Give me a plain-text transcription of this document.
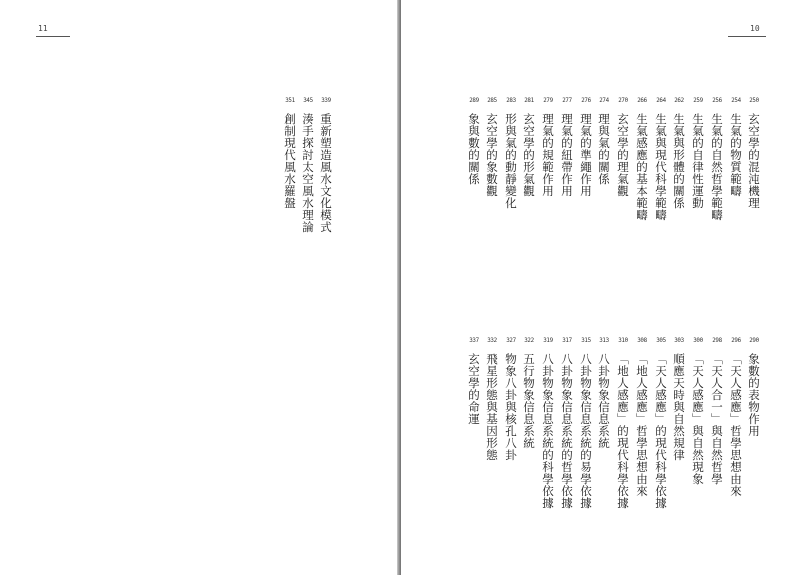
11	10
351
創制現代風水羅盤
345
湊手探討太空風水理論
339
重新塑造風水文化模式
289
象與數的關係
285
玄空學的象數觀
283
形與氣的動靜變化
281
玄空學的形氣觀
279
理氣的規範作用
277
理氣的紐帶作用
276
理氣的準繩作用
274
理與氣的關係
270
玄空學的理氣觀
266
生氣感應的基本範疇
264
生氣與現代科學範疇
262
生氣與形體的關係
259
生氣的自律性運動
256
生氣的自然哲學範疇
254
生氣的物質範疇
250
玄空學的混沌機理
337
玄空學的命運
332
飛星形態與基因形態
327
物象八卦與核孔八卦
322
五行物象信息系統
319
八卦物象信息系統的科學依據
317
八卦物象信息系統的哲學依據
315
八卦物象信息系統的易學依據
313
八卦物象信息系統
310
「地人感應」的現代科學依據
308
「地人感應」哲學思想由來
305
「天人感應」的現代科學依據
303
順應天時與自然規律
300
「天人感應」與自然現象
298
「天人合一」與自然哲學
296
「天人感應」哲學思想由來
290
象數的表物作用
